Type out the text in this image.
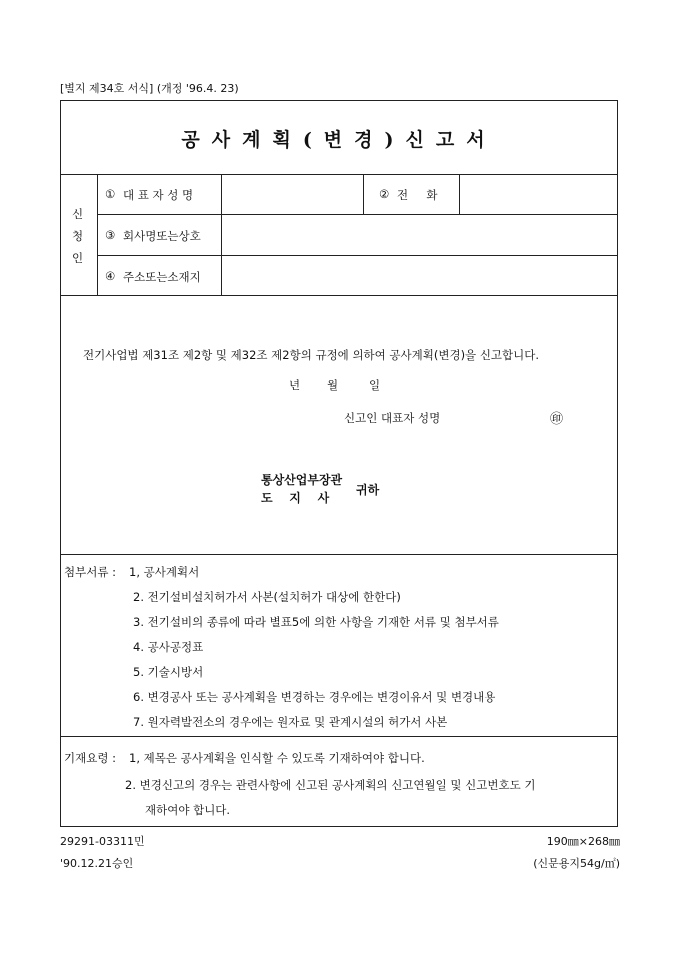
[별지 제34호 서식] (개정 '96.4. 23)
공사계획(변경)신고서
신
청
인
① 대 표 자 성 명	② 전     화
③ 회사명또는상호
④ 주소또는소재지
전기사업법 제31조 제2항 및 제32조 제2항의 규정에 의하여 공사계획(변경)을 신고합니다.
년 월	일
신고인 대표자 성명	㊞
통상산업부장관
도    지    사
귀하
첨부서류 : 1, 공사계획서
2. 전기설비설치허가서 사본(설치허가 대상에 한한다)
3. 전기설비의 종류에 따라 별표5에 의한 사항을 기재한 서류 및 첨부서류
4. 공사공정표
5. 기술시방서
6. 변경공사 또는 공사계획을 변경하는 경우에는 변경이유서 및 변경내용
7. 원자력발전소의 경우에는 원자료 및 관계시설의 허가서 사본
기재요령 : 1, 제목은 공사계획을 인식할 수 있도록 기재하여야 합니다.
2. 변경신고의 경우는 관련사항에 신고된 공사계획의 신고연월일 및 신고번호도 기
재하여야 합니다.
29291-03311민
'90.12.21승인
190㎜×268㎜
(신문용지54g/㎡)
